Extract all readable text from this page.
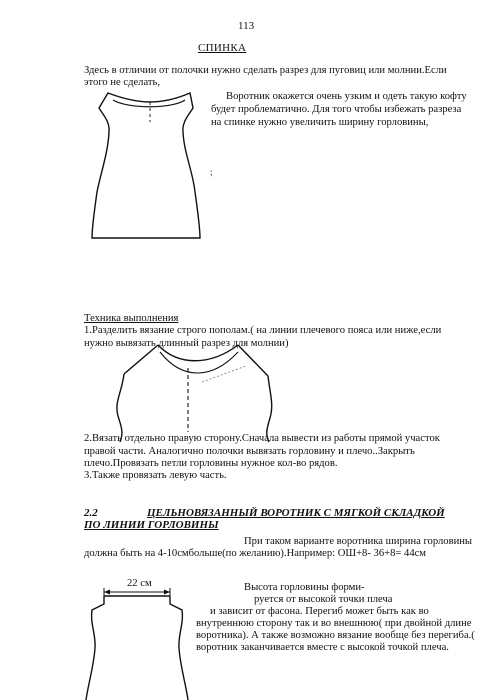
113
СПИНКА
Здесь в отличии от полочки нужно сделать разрез для пуговиц или молнии.Если
этого не сделать,
Воротник окажется очень узким и одеть такую кофту
будет проблематично. Для того чтобы избежать разреза
на спинке нужно увеличить ширину горловины,
;
Техника выполнения
1.Разделить вязание строго пополам.( на линии плечевого пояса или ниже,если
нужно вывязать длинный разрез для молнии)
2.Вязать отдельно правую сторону.Сначала вывести из работы прямой участок
правой части. Аналогично полочки вывязать горловину и плечо..Закрыть
плечо.Провязать петли горловины нужное кол-во рядов.
3.Также провязать левую часть.
2.2	ЦЕЛЬНОВЯЗАННЫЙ ВОРОТНИК С МЯГКОЙ СКЛАДКОЙ
ПО ЛИНИИ ГОРЛОВИНЫ
При таком варианте воротника ширина горловины
должна быть на 4-10смбольше(по желанию).Например: ОШ+8- 36+8= 44см
22 см	Высота горловины форми-
руется от высокой точки плеча
и зависит от фасона. Перегиб может быть как во
внутреннюю сторону так и во внешнюю( при двойной длине
воротника). А также возможно вязание вообще без перегиба.(
воротник заканчивается вместе с высокой точкой плеча.
